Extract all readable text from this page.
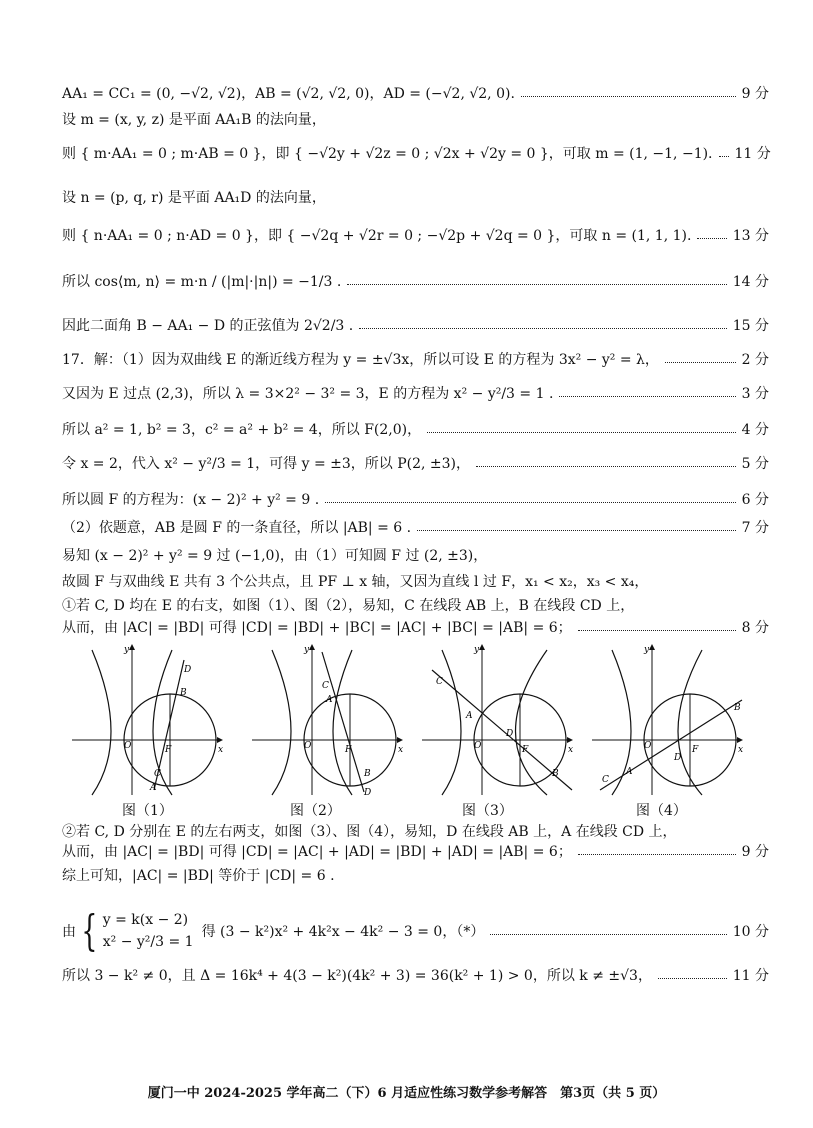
AA₁ = CC₁ = (0, −√2, √2)，AB = (√2, √2, 0)，AD = (−√2, √2, 0).	9 分
设 m = (x, y, z) 是平面 AA₁B 的法向量，
则 { m·AA₁ = 0 ; m·AB = 0 }，即 { −√2y + √2z = 0 ; √2x + √2y = 0 }，可取 m = (1, −1, −1). 11 分
设 n = (p, q, r) 是平面 AA₁D 的法向量，
则 { n·AA₁ = 0 ; n·AD = 0 }，即 { −√2q + √2r = 0 ; −√2p + √2q = 0 }，可取 n = (1, 1, 1).	13 分
所以 cos⟨m, n⟩ = m·n / (|m|·|n|) = −1/3 .	14 分
因此二面角 B − AA₁ − D 的正弦值为 2√2/3 .	15 分
17．解：（1）因为双曲线 E 的渐近线方程为 y = ±√3x，所以可设 E 的方程为 3x² − y² = λ，	2 分
又因为 E 过点 (2,3)，所以 λ = 3×2² − 3² = 3，E 的方程为 x² − y²/3 = 1 .	3 分
所以 a² = 1, b² = 3，c² = a² + b² = 4，所以 F(2,0)，	4 分
令 x = 2，代入 x² − y²/3 = 1，可得 y = ±3，所以 P(2, ±3)，	5 分
所以圆 F 的方程为：(x − 2)² + y² = 9 .	6 分
（2）依题意，AB 是圆 F 的一条直径，所以 |AB| = 6 .	7 分
易知 (x − 2)² + y² = 9 过 (−1,0)，由（1）可知圆 F 过 (2, ±3)，
故圆 F 与双曲线 E 共有 3 个公共点，且 PF ⊥ x 轴，又因为直线 l 过 F，x₁ < x₂，x₃ < x₄，
①若 C, D 均在 E 的右支，如图（1）、图（2），易知，C 在线段 AB 上，B 在线段 CD 上，
从而，由 |AC| = |BD| 可得 |CD| = |BD| + |BC| = |AC| + |BC| = |AB| = 6；	8 分
O	F	x
y
D
B
C
A
O	F	x
y
C
A
B
D
O	F	x
y
C
A
D
B
O	F	x
y
C
A
D
B
图（1）	图（2）	图（3）	图（4）
②若 C, D 分别在 E 的左右两支，如图（3）、图（4），易知，D 在线段 AB 上，A 在线段 CD 上，
从而，由 |AC| = |BD| 可得 |CD| = |AC| + |AD| = |BD| + |AD| = |AB| = 6；	9 分
综上可知，|AC| = |BD| 等价于 |CD| = 6 .
由 { y = k(x − 2)
x² − y²/3 = 1
得 (3 − k²)x² + 4k²x − 4k² − 3 = 0，（*）	10 分
所以 3 − k² ≠ 0，且 Δ = 16k⁴ + 4(3 − k²)(4k² + 3) = 36(k² + 1) > 0，所以 k ≠ ±√3，	11 分
厦门一中 2024-2025 学年高二（下）6 月适应性练习数学参考解答　第3页（共 5 页）
